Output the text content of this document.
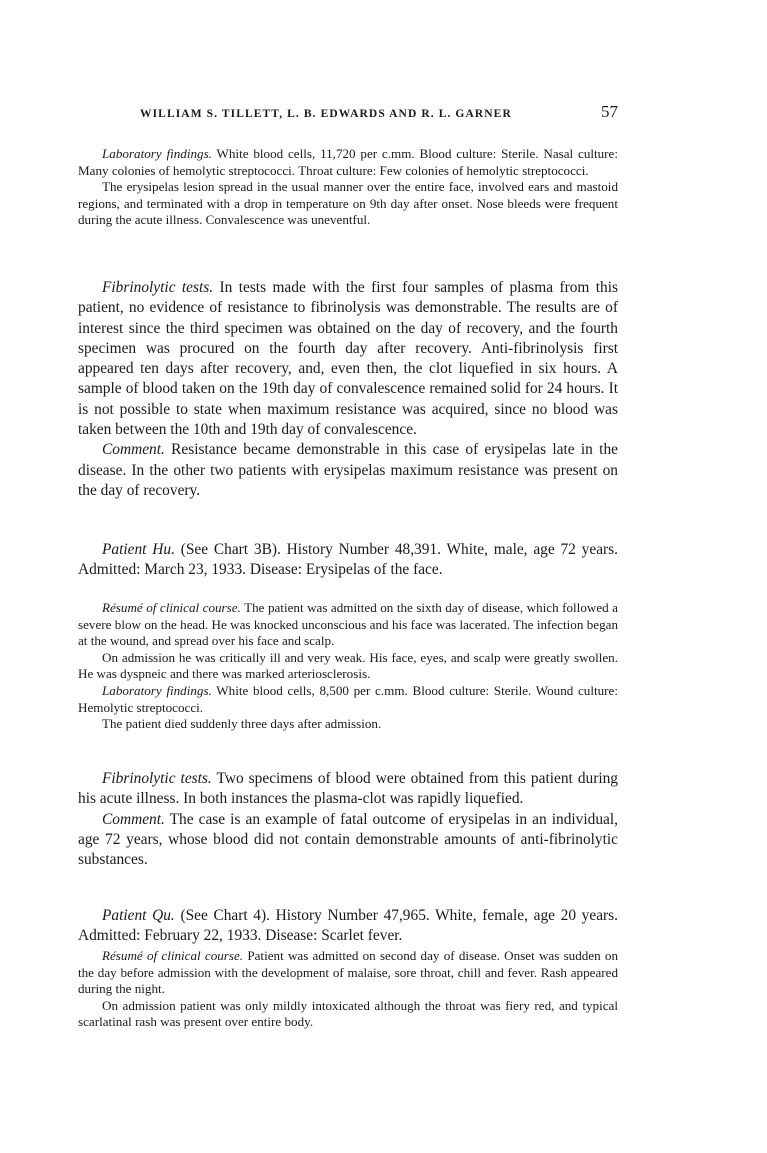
WILLIAM S. TILLETT, L. B. EDWARDS AND R. L. GARNER	57

Laboratory findings. White blood cells, 11,720 per c.mm. Blood culture: Sterile. Nasal culture: Many colonies of hemolytic streptococci. Throat culture: Few colonies of hemolytic streptococci.

The erysipelas lesion spread in the usual manner over the entire face, involved ears and mastoid regions, and terminated with a drop in temperature on 9th day after onset. Nose bleeds were frequent during the acute illness. Convalescence was uneventful.

Fibrinolytic tests. In tests made with the first four samples of plasma from this patient, no evidence of resistance to fibrinolysis was demonstrable. The results are of interest since the third specimen was obtained on the day of recovery, and the fourth specimen was procured on the fourth day after recovery. Anti-fibrinolysis first appeared ten days after recovery, and, even then, the clot liquefied in six hours. A sample of blood taken on the 19th day of convalescence remained solid for 24 hours. It is not possible to state when maximum resistance was acquired, since no blood was taken between the 10th and 19th day of convalescence.

Comment. Resistance became demonstrable in this case of erysipelas late in the disease. In the other two patients with erysipelas maximum resistance was present on the day of recovery.

Patient Hu. (See Chart 3B). History Number 48,391. White, male, age 72 years. Admitted: March 23, 1933. Disease: Erysipelas of the face.

Résumé of clinical course. The patient was admitted on the sixth day of disease, which followed a severe blow on the head. He was knocked unconscious and his face was lacerated. The infection began at the wound, and spread over his face and scalp.

On admission he was critically ill and very weak. His face, eyes, and scalp were greatly swollen. He was dyspneic and there was marked arteriosclerosis.

Laboratory findings. White blood cells, 8,500 per c.mm. Blood culture: Sterile. Wound culture: Hemolytic streptococci.

The patient died suddenly three days after admission.

Fibrinolytic tests. Two specimens of blood were obtained from this patient during his acute illness. In both instances the plasma-clot was rapidly liquefied.

Comment. The case is an example of fatal outcome of erysipelas in an individual, age 72 years, whose blood did not contain demonstrable amounts of anti-fibrinolytic substances.

Patient Qu. (See Chart 4). History Number 47,965. White, female, age 20 years. Admitted: February 22, 1933. Disease: Scarlet fever.

Résumé of clinical course. Patient was admitted on second day of disease. Onset was sudden on the day before admission with the development of malaise, sore throat, chill and fever. Rash appeared during the night.

On admission patient was only mildly intoxicated although the throat was fiery red, and typical scarlatinal rash was present over entire body.
